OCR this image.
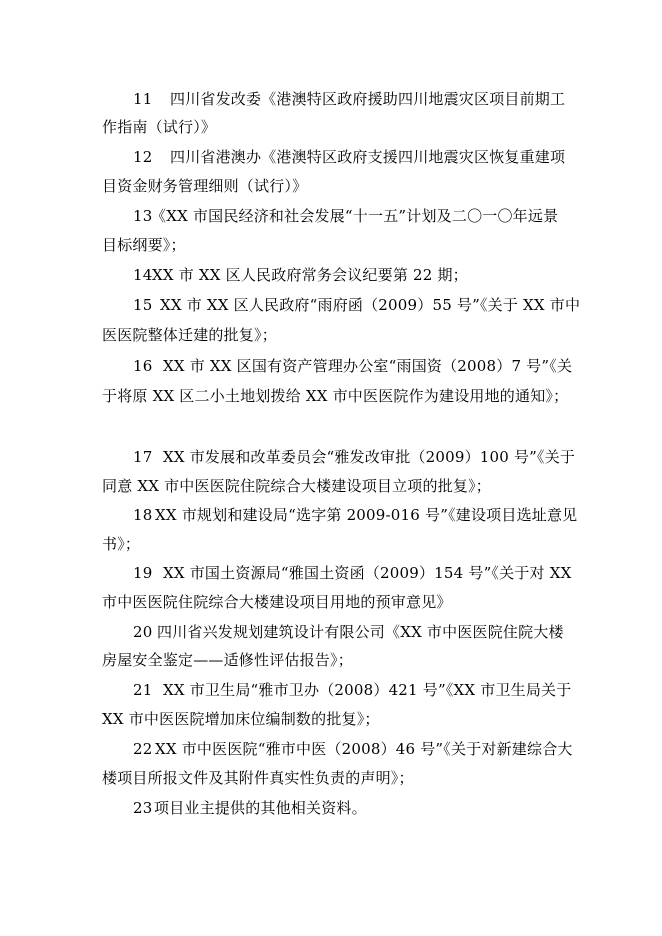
11 四川省发改委《港澳特区政府援助四川地震灾区项目前期工
作指南（试行）》
12 四川省港澳办《港澳特区政府支援四川地震灾区恢复重建项
目资金财务管理细则（试行）》
13
《XX 市国民经济和社会发展“十一五”计划及二〇一〇年远景
目标纲要》；
14 XX 市 XX 区人民政府常务会议纪要第 22 期；
15 XX 市 XX 区人民政府“雨府函（2009）55 号”《关于 XX 市中
医医院整体迁建的批复》；
16 XX 市 XX 区国有资产管理办公室“雨国资（2008）7 号”《关
于将原 XX 区二小土地划拨给 XX 市中医医院作为建设用地的通知》；
17 XX 市发展和改革委员会“雅发改审批（2009）100 号”《关于
同意 XX 市中医医院住院综合大楼建设项目立项的批复》；
18 XX 市规划和建设局“选字第 2009-016 号”《建设项目选址意见
书》；
19 XX 市国土资源局“雅国土资函（2009）154 号”《关于对 XX
市中医医院住院综合大楼建设项目用地的预审意见》
20 四川省兴发规划建筑设计有限公司《XX 市中医医院住院大楼
房屋安全鉴定——适修性评估报告》；
21 XX 市卫生局“雅市卫办（2008）421 号”《XX 市卫生局关于
XX 市中医医院增加床位编制数的批复》；
22 XX 市中医医院“雅市中医（2008）46 号”《关于对新建综合大
楼项目所报文件及其附件真实性负责的声明》；
23 项目业主提供的其他相关资料。
